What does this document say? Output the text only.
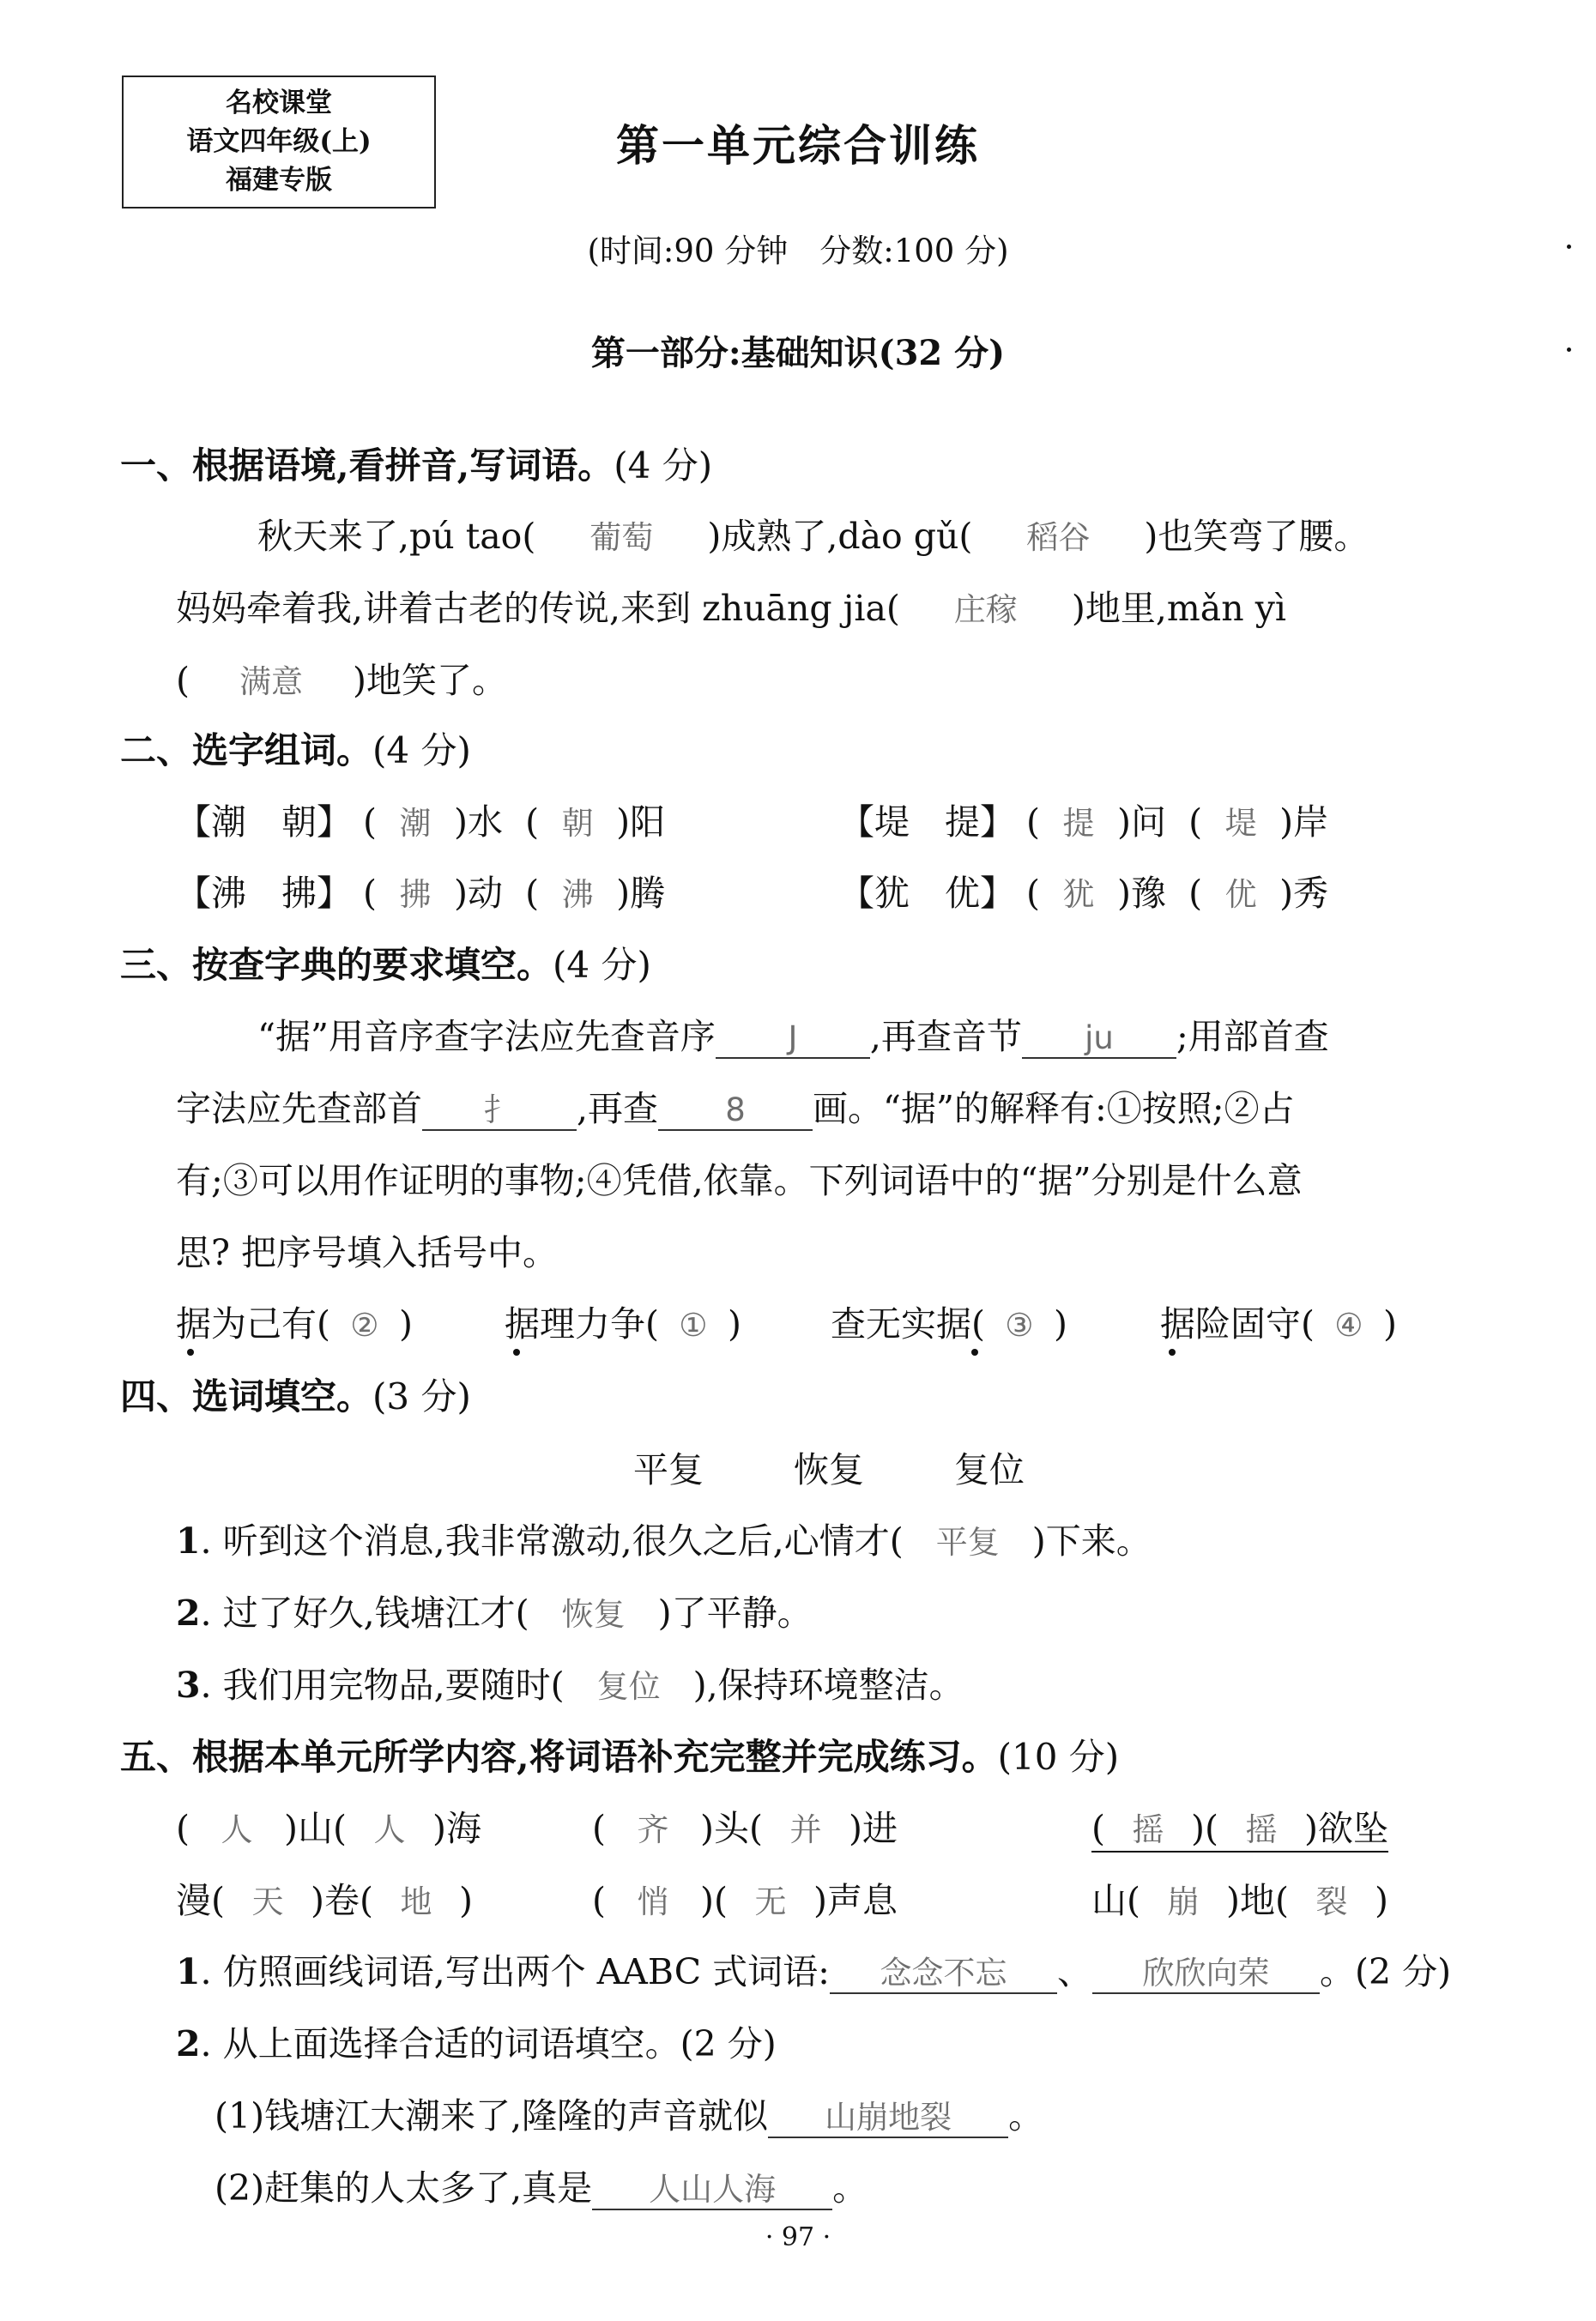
名校课堂
语文四年级(上)
福建专版
第一单元综合训练
(时间:90 分钟　分数:100 分)
第一部分:基础知识(32 分)
一、根据语境,看拼音,写词语。(4 分)
秋天来了,pú tao( 葡萄 )成熟了,dào gǔ( 稻谷 )也笑弯了腰。
妈妈牵着我,讲着古老的传说,来到 zhuāng jia( 庄稼 )地里,mǎn yì
( 满意 )地笑了。
二、选字组词。(4 分)
【潮　朝】 ( 潮 )水 ( 朝 )阳	【堤　提】 ( 提 )问 ( 堤 )岸
【沸　拂】 ( 拂 )动 ( 沸 )腾	【犹　优】 ( 犹 )豫 ( 优 )秀
三、按查字典的要求填空。(4 分)
“据”用音序查字法应先查音序 J ,再查音节 ju ;用部首查
字法应先查部首 扌 ,再查 8 画。“据”的解释有:①按照;②占
有;③可以用作证明的事物;④凭借,依靠。下列词语中的“据”分别是什么意
思? 把序号填入括号中。
据为己有( ② )	据理力争( ① )	查无实据( ③ )	据险固守( ④ )
四、选词填空。(3 分)
平复	恢复	复位
1. 听到这个消息,我非常激动,很久之后,心情才( 平复 )下来。
2. 过了好久,钱塘江才( 恢复 )了平静。
3. 我们用完物品,要随时( 复位 ),保持环境整洁。
五、根据本单元所学内容,将词语补充完整并完成练习。(10 分)
( 人 )山( 人 )海	( 齐 )头( 并 )进	( 摇 )( 摇 )欲坠
漫( 天 )卷( 地 )	( 悄 )( 无 )声息	山( 崩 )地( 裂 )
1. 仿照画线词语,写出两个 AABC 式词语: 念念不忘 、 欣欣向荣 。(2 分)
2. 从上面选择合适的词语填空。(2 分)
(1)钱塘江大潮来了,隆隆的声音就似 山崩地裂 。
(2)赶集的人太多了,真是 人山人海 。
· 97 ·
